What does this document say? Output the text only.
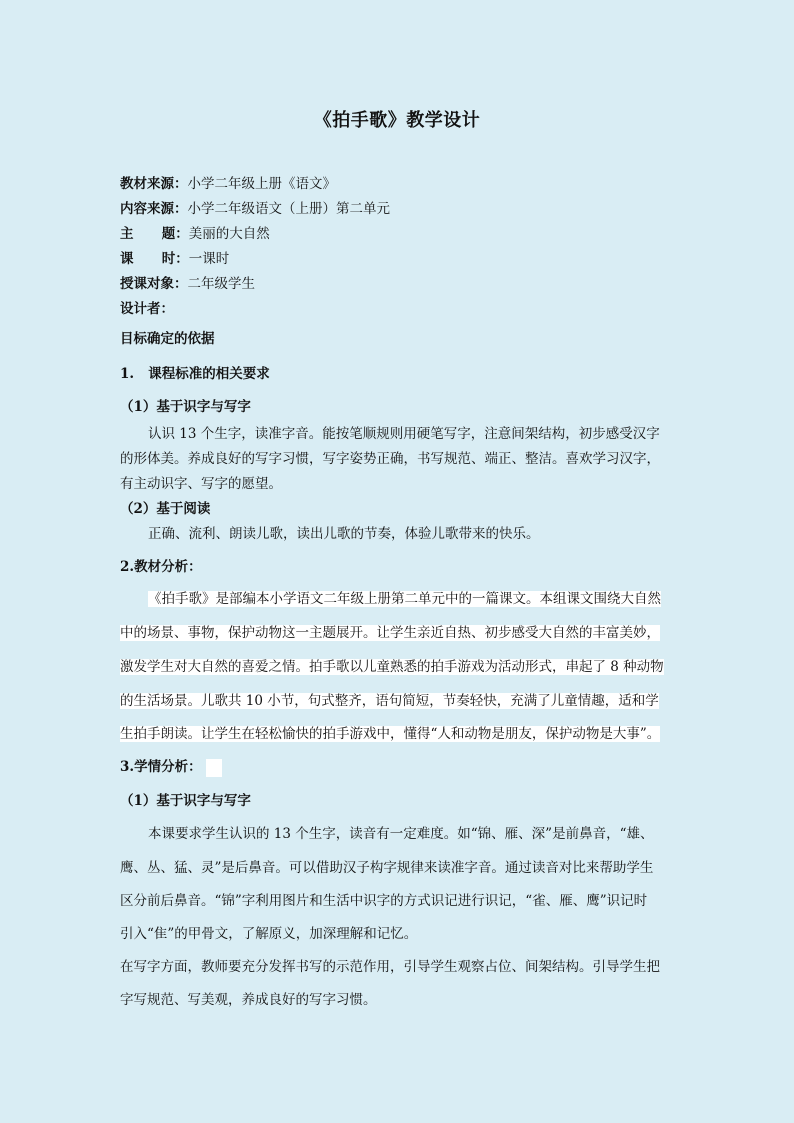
《拍手歌》教学设计
教材来源：小学二年级上册《语文》
内容来源：小学二年级语文（上册）第二单元
主      题：美丽的大自然
课      时：一课时
授课对象：二年级学生
设计者：
目标确定的依据
1.   课程标准的相关要求
（1）基于识字与写字
认识 13 个生字，读准字音。能按笔顺规则用硬笔写字，注意间架结构，初步感受汉字
的形体美。养成良好的写字习惯，写字姿势正确，书写规范、端正、整洁。喜欢学习汉字，
有主动识字、写字的愿望。
（2）基于阅读
正确、流利、朗读儿歌，读出儿歌的节奏，体验儿歌带来的快乐。
2.教材分析：
《拍手歌》是部编本小学语文二年级上册第二单元中的一篇课文。本组课文围绕大自然
中的场景、事物，保护动物这一主题展开。让学生亲近自热、初步感受大自然的丰富美妙，
激发学生对大自然的喜爱之情。拍手歌以儿童熟悉的拍手游戏为活动形式，串起了 8 种动物
的生活场景。儿歌共 10 小节，句式整齐，语句简短，节奏轻快，充满了儿童情趣，适和学
生拍手朗读。让学生在轻松愉快的拍手游戏中，懂得“人和动物是朋友，保护动物是大事”。
3.学情分析：
（1）基于识字与写字
本课要求学生认识的 13 个生字，读音有一定难度。如“锦、雁、深”是前鼻音，“雄、
鹰、丛、猛、灵”是后鼻音。可以借助汉子构字规律来读准字音。通过读音对比来帮助学生
区分前后鼻音。“锦”字利用图片和生活中识字的方式识记进行识记，“雀、雁、鹰”识记时
引入“隹”的甲骨文，了解原义，加深理解和记忆。
在写字方面，教师要充分发挥书写的示范作用，引导学生观察占位、间架结构。引导学生把
字写规范、写美观，养成良好的写字习惯。
